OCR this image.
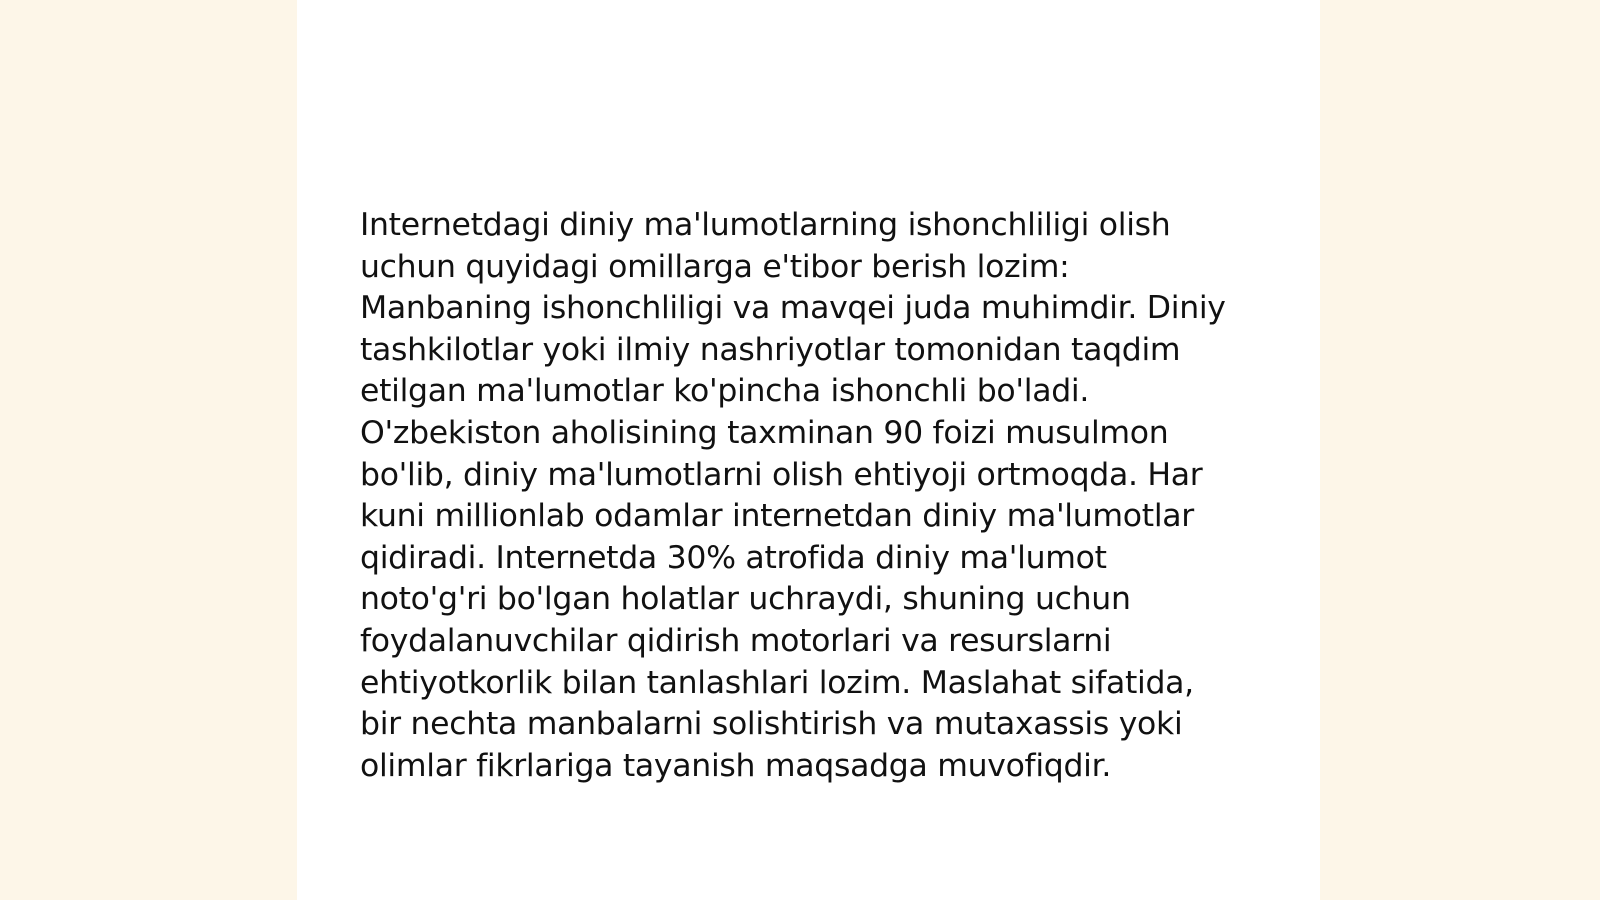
Internetdagi diniy ma'lumotlarning ishonchliligi olish uchun quyidagi omillarga e'tibor berish lozim: Manbaning ishonchliligi va mavqei juda muhimdir. Diniy tashkilotlar yoki ilmiy nashriyotlar tomonidan taqdim etilgan ma'lumotlar ko'pincha ishonchli bo'ladi. O'zbekiston aholisining taxminan 90 foizi musulmon bo'lib, diniy ma'lumotlarni olish ehtiyoji ortmoqda. Har kuni millionlab odamlar internetdan diniy ma'lumotlar qidiradi. Internetda 30% atrofida diniy ma'lumot noto'g'ri bo'lgan holatlar uchraydi, shuning uchun foydalanuvchilar qidirish motorlari va resurslarni ehtiyotkorlik bilan tanlashlari lozim. Maslahat sifatida, bir nechta manbalarni solishtirish va mutaxassis yoki olimlar fikrlariga tayanish maqsadga muvofiqdir.
